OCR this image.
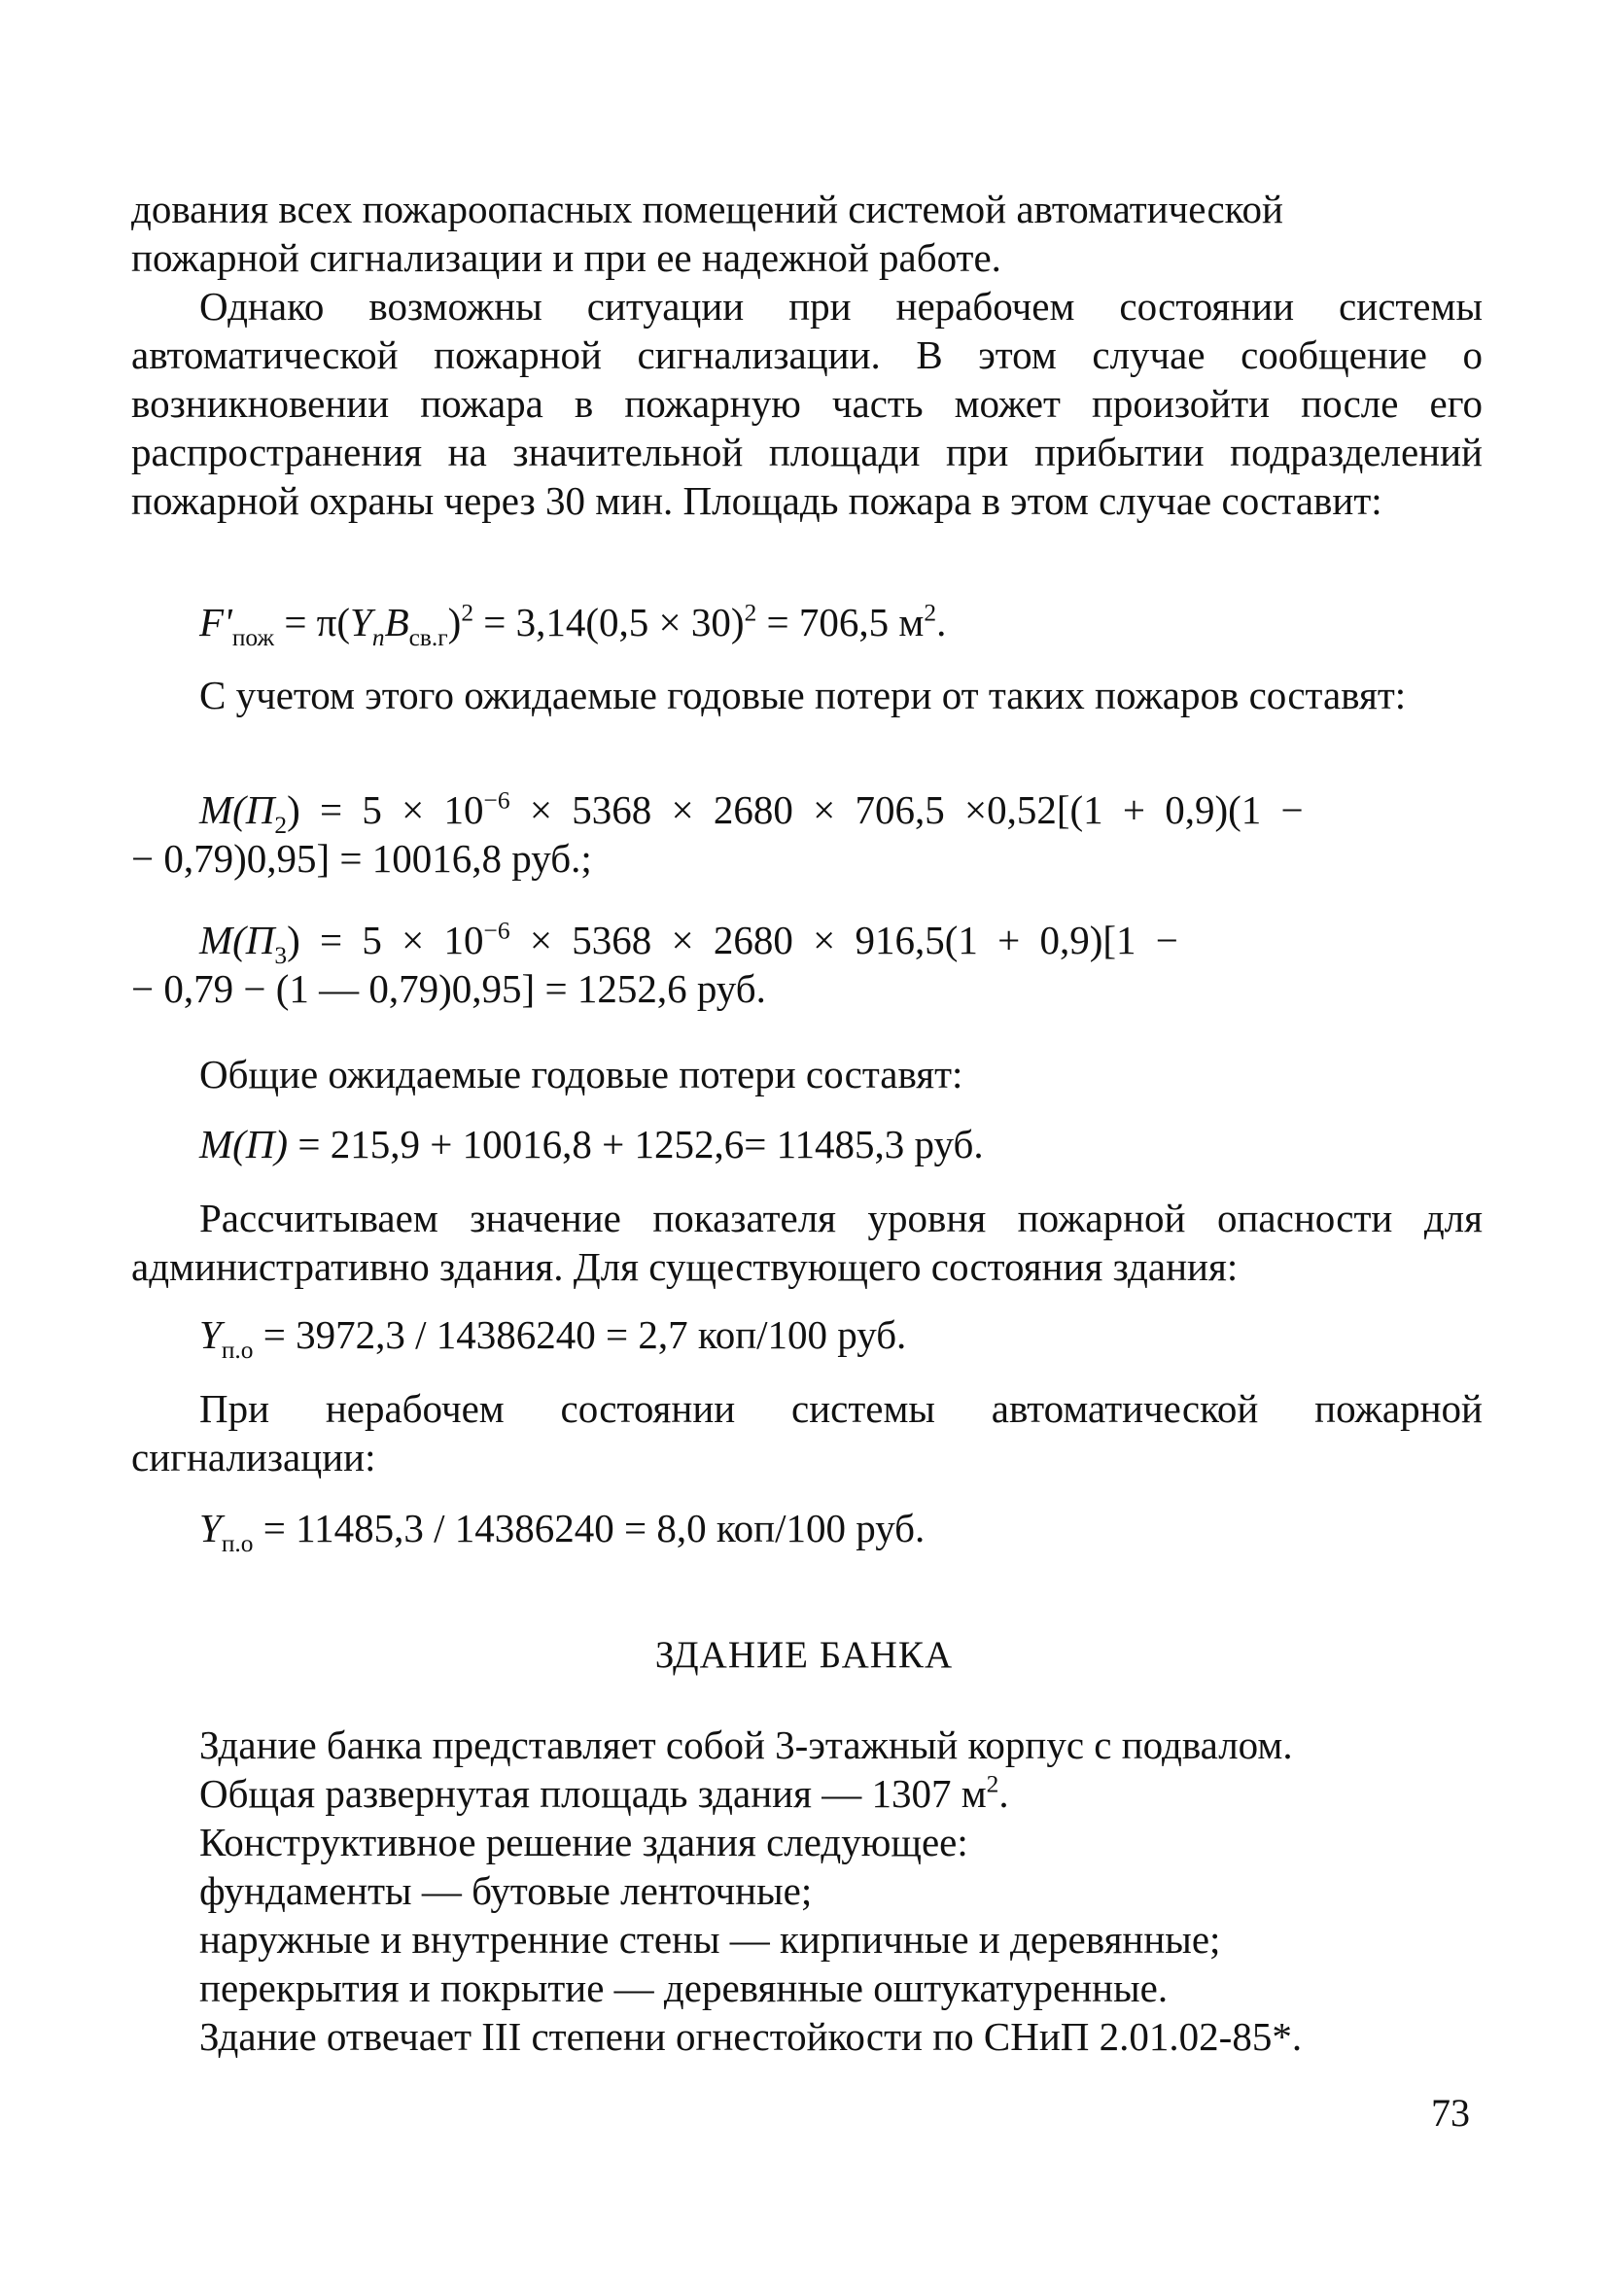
дования всех пожароопасных помещений системой автоматической

пожарной сигнализации и при ее надежной работе.

Однако возможны ситуации при нерабочем состоянии системы автоматической пожарной сигнализации. В этом случае сообщение о возникновении пожара в пожарную часть может произойти после его распространения на значительной площади при прибытии подразделений пожарной охраны через 30 мин. Площадь пожара в этом случае составит:

$F'_{пож} = \pi(Y_пB_{св.г})^2 = 3,14(0,5 \times 30)^2 = 706,5$ $м^2$.

С учетом этого ожидаемые годовые потери от таких пожаров составят:

$M(\Pi_2) = 5 \times 10^{-6} \times 5368 \times 2680 \times 706,5 \times 0,52[(1 + 0,9)(1$ −

− 0,79)0,95] = 10016,8 руб.;

$M(\Pi_3) = 5 \times 10^{-6} \times 5368 \times 2680 \times 916,5(1 + 0,9)[1$ −

− 0,79 − (1 — 0,79)0,95] = 1252,6 руб.

Общие ожидаемые годовые потери составят:

M(Π) = 215,9 + 10016,8 + 1252,6= 11485,3 руб.

Рассчитываем значение показателя уровня пожарной опасности для административно здания. Для существующего состояния здания:

$Y_{п.о} = 3972,3 / 14386240 = 2,7$ коп/100 руб.

При нерабочем состоянии системы автоматической пожарной сигнализации:

$Y_{п.о} = 11485,3 / 14386240 = 8,0$ коп/100 руб.

ЗДАНИЕ БАНКА

Здание банка представляет собой 3-этажный корпус с подвалом.

Общая развернутая площадь здания — 1307 $м^2$.

Конструктивное решение здания следующее:

фундаменты — бутовые ленточные;

наружные и внутренние стены — кирпичные и деревянные;

перекрытия и покрытие — деревянные оштукатуренные.

Здание отвечает III степени огнестойкости по СНиП 2.01.02-85*.

73
